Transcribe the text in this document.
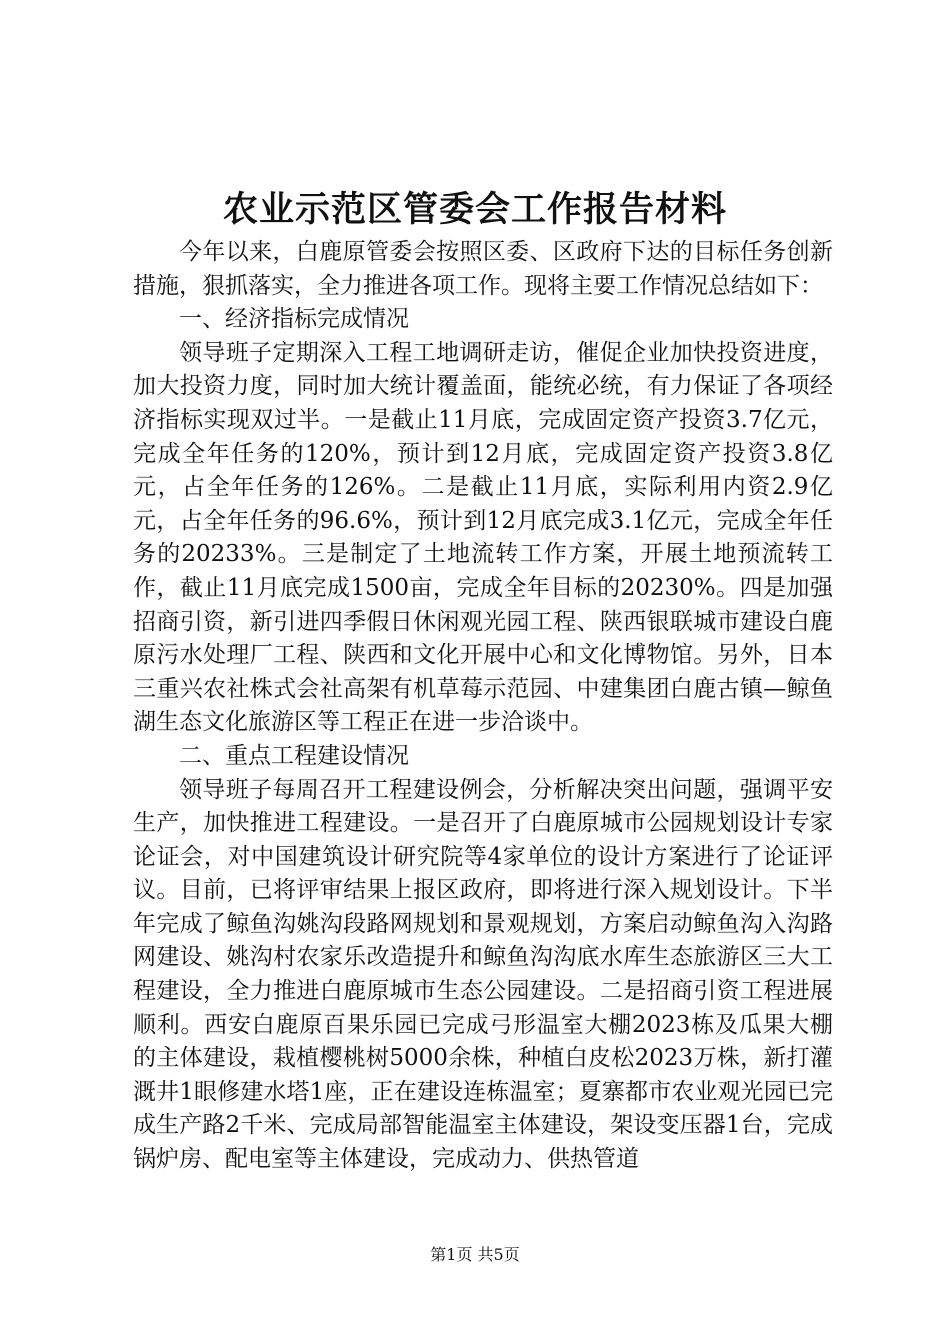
农业示范区管委会工作报告材料

今年以来，白鹿原管委会按照区委、区政府下达的目标任务创新措施，狠抓落实，全力推进各项工作。现将主要工作情况总结如下：

一、经济指标完成情况

领导班子定期深入工程工地调研走访，催促企业加快投资进度，加大投资力度，同时加大统计覆盖面，能统必统，有力保证了各项经济指标实现双过半。一是截止11月底，完成固定资产投资3.7亿元，完成全年任务的120%，预计到12月底，完成固定资产投资3.8亿元，占全年任务的126%。二是截止11月底，实际利用内资2.9亿元，占全年任务的96.6%，预计到12月底完成3.1亿元，完成全年任务的20233%。三是制定了土地流转工作方案，开展土地预流转工作，截止11月底完成1500亩，完成全年目标的20230%。四是加强招商引资，新引进四季假日休闲观光园工程、陕西银联城市建设白鹿原污水处理厂工程、陕西和文化开展中心和文化博物馆。另外，日本三重兴农社株式会社高架有机草莓示范园、中建集团白鹿古镇—鲸鱼湖生态文化旅游区等工程正在进一步洽谈中。

二、重点工程建设情况

领导班子每周召开工程建设例会，分析解决突出问题，强调平安生产，加快推进工程建设。一是召开了白鹿原城市公园规划设计专家论证会，对中国建筑设计研究院等4家单位的设计方案进行了论证评议。目前，已将评审结果上报区政府，即将进行深入规划设计。下半年完成了鲸鱼沟姚沟段路网规划和景观规划，方案启动鲸鱼沟入沟路网建设、姚沟村农家乐改造提升和鲸鱼沟沟底水库生态旅游区三大工程建设，全力推进白鹿原城市生态公园建设。二是招商引资工程进展顺利。西安白鹿原百果乐园已完成弓形温室大棚2023栋及瓜果大棚的主体建设，栽植樱桃树5000余株，种植白皮松2023万株，新打灌溉井1眼修建水塔1座，正在建设连栋温室；夏寨都市农业观光园已完成生产路2千米、完成局部智能温室主体建设，架设变压器1台，完成锅炉房、配电室等主体建设，完成动力、供热管道

第1页 共5页
